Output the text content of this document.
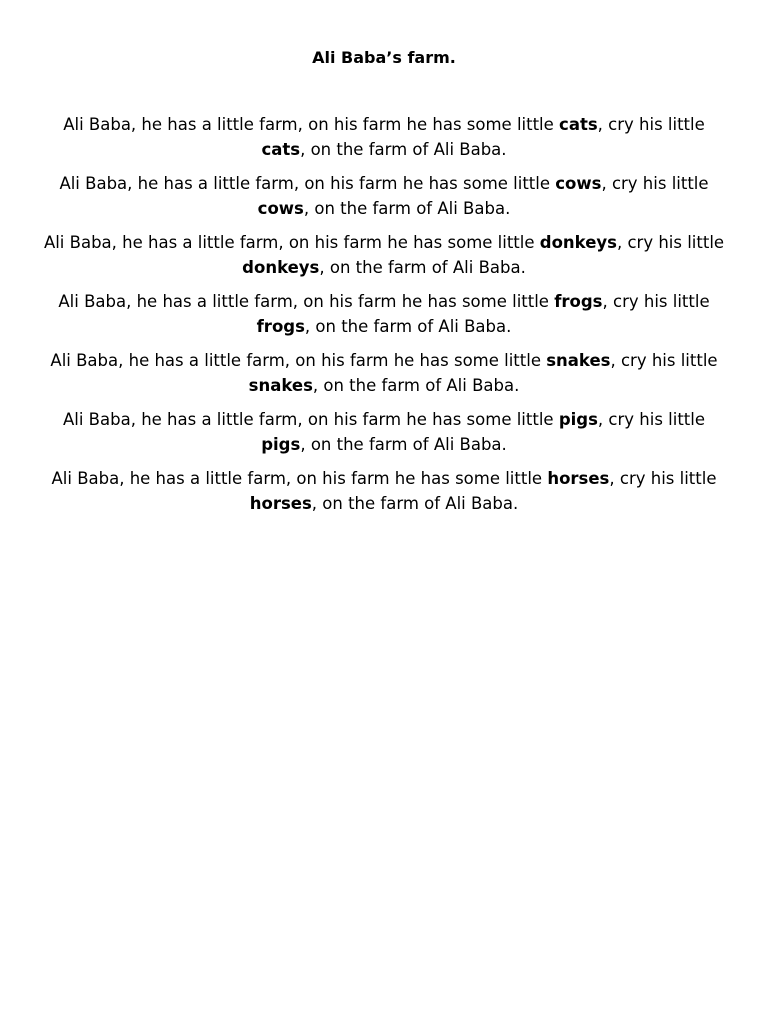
Ali Baba’s farm.

Ali Baba, he has a little farm, on his farm he has some little cats, cry his little cats, on the farm of Ali Baba.

Ali Baba, he has a little farm, on his farm he has some little cows, cry his little cows, on the farm of Ali Baba.

Ali Baba, he has a little farm, on his farm he has some little donkeys, cry his little donkeys, on the farm of Ali Baba.

Ali Baba, he has a little farm, on his farm he has some little frogs, cry his little frogs, on the farm of Ali Baba.

Ali Baba, he has a little farm, on his farm he has some little snakes, cry his little snakes, on the farm of Ali Baba.

Ali Baba, he has a little farm, on his farm he has some little pigs, cry his little pigs, on the farm of Ali Baba.

Ali Baba, he has a little farm, on his farm he has some little horses, cry his little horses, on the farm of Ali Baba.
